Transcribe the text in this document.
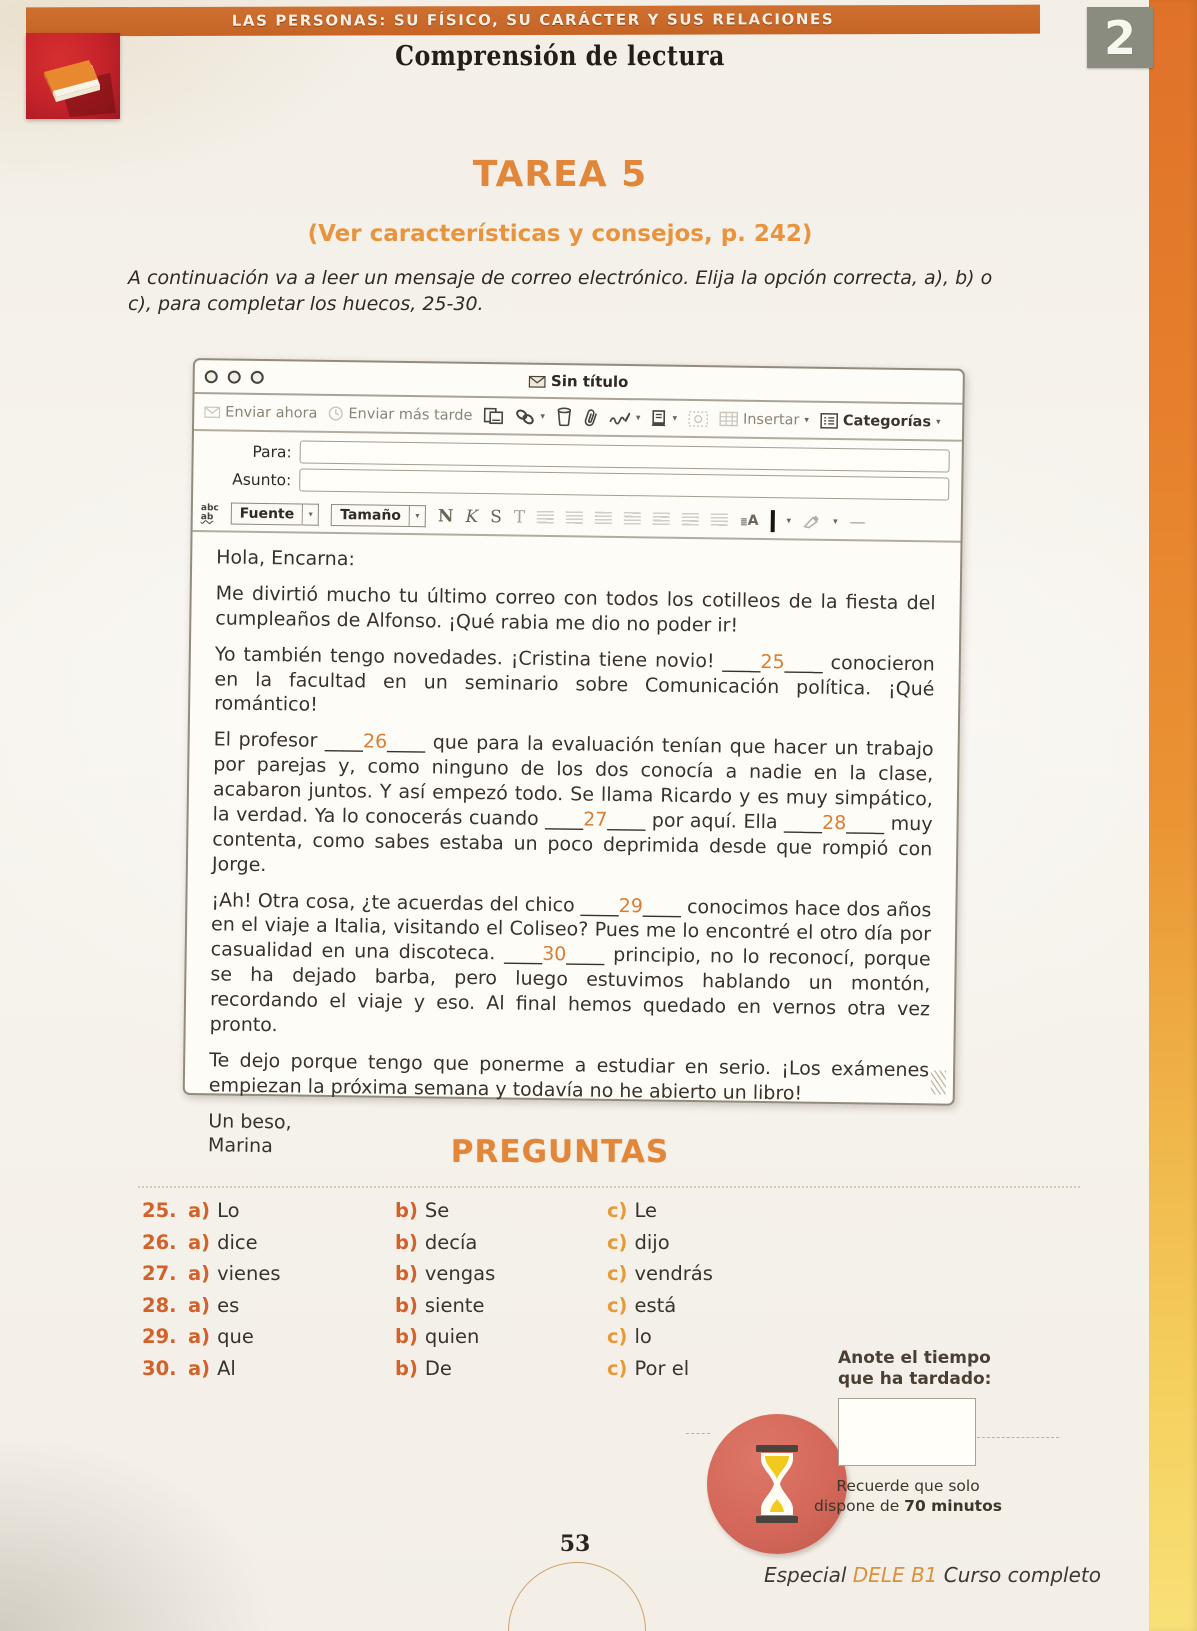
LAS PERSONAS: SU FÍSICO, SU CARÁCTER Y SUS RELACIONES	2
Comprensión de lectura
TAREA 5
(Ver características y consejos, p. 242)
A continuación va a leer un mensaje de correo electrónico. Elija la opción correcta, a), b) o c), para completar los huecos, 25-30.
Sin título
Enviar ahora Enviar más tarde	▾	▾	▾	Insertar ▾ Categorías ▾
Para:
Asunto:
abc
ab	Fuente	▾	Tamaño	▾	N K S T	≣A	▾	▾ —

Hola, Encarna:

Me divirtió mucho tu último correo con todos los cotilleos de la fiesta del cumpleaños de Alfonso. ¡Qué rabia me dio no poder ir!

Yo también tengo novedades. ¡Cristina tiene novio! ____25____ conocieron en la facultad en un seminario sobre Comunicación política. ¡Qué romántico!

El profesor ____26____ que para la evaluación tenían que hacer un trabajo por parejas y, como ninguno de los dos conocía a nadie en la clase, acabaron juntos. Y así empezó todo. Se llama Ricardo y es muy simpático, la verdad. Ya lo conocerás cuando ____27____ por aquí. Ella ____28____ muy contenta, como sabes estaba un poco deprimida desde que rompió con Jorge.

¡Ah! Otra cosa, ¿te acuerdas del chico ____29____ conocimos hace dos años en el viaje a Italia, visitando el Coliseo? Pues me lo encontré el otro día por casualidad en una discoteca. ____30____ principio, no lo reconocí, porque se ha dejado barba, pero luego estuvimos hablando un montón, recordando el viaje y eso. Al final hemos quedado en vernos otra vez pronto.

Te dejo porque tengo que ponerme a estudiar en serio. ¡Los exámenes empiezan la próxima semana y todavía no he abierto un libro!

Un beso,
Marina	PREGUNTAS
25. a) Lo	b) Se	c) Le
26. a) dice	b) decía	c) dijo
27. a) vienes	b) vengas	c) vendrás
28. a) es	b) siente	c) está
29. a) que	b) quien	c) lo
30. a) Al	b) De	c) Por el	Anote el tiempo
que ha tardado:
Recuerde que solo
dispone de 70 minutos
53
Especial DELE B1 Curso completo
